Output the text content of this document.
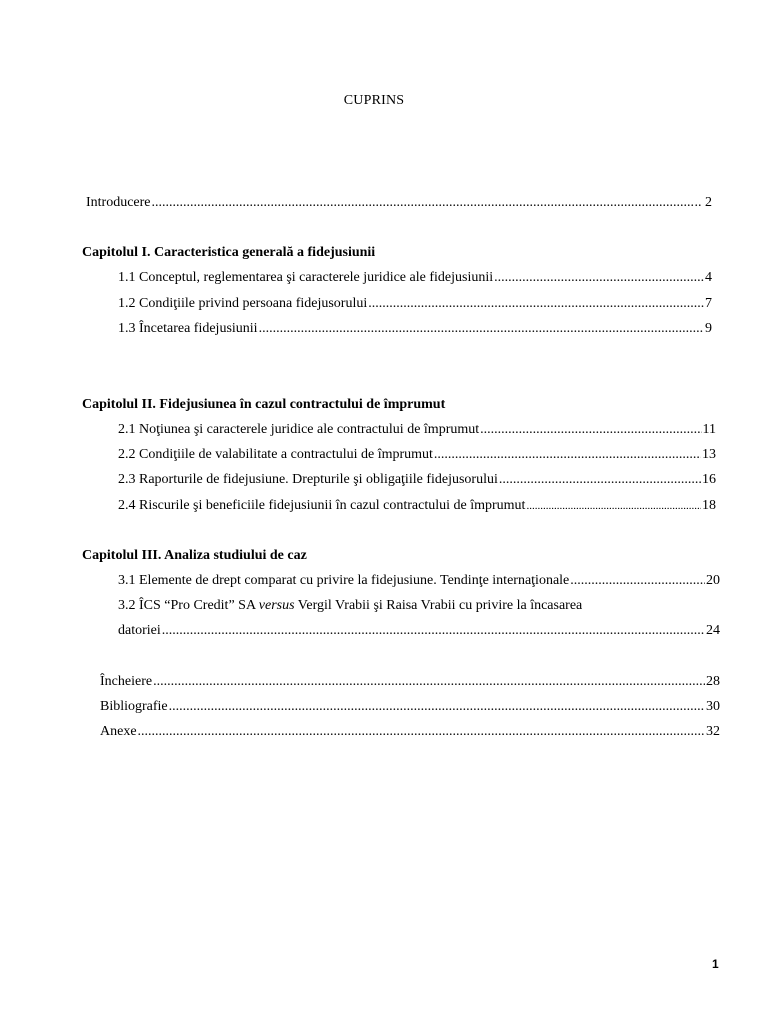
CUPRINS
Introducere .....	.. 2
Capitolul I. Caracteristica generală a fidejusiunii
1.1 Conceptul, reglementarea şi caracterele juridice ale fidejusiunii .....	4
1.2 Condiţiile privind persoana fidejusorului .....	7
1.3 Încetarea fidejusiunii .....	9
Capitolul II. Fidejusiunea în cazul contractului de împrumut
2.1 Noţiunea şi caracterele juridice ale contractului de împrumut .....	11
2.2 Condiţiile de valabilitate a contractului de împrumut .....	13
2.3 Raporturile de fidejusiune. Drepturile şi obligaţiile fidejusorului .....	16
2.4 Riscurile şi beneficiile fidejusiunii în cazul contractului de împrumut .....	18
Capitolul III. Analiza studiului de caz
3.1 Elemente de drept comparat cu privire la fidejusiune. Tendinţe internaţionale .....	20
3.2 ÎCS “Pro Credit” SA versus Vergil Vrabii şi Raisa Vrabii cu privire la încasarea
datoriei .....	24
Încheiere .....	28
Bibliografie .....	30
Anexe .....	32
1
